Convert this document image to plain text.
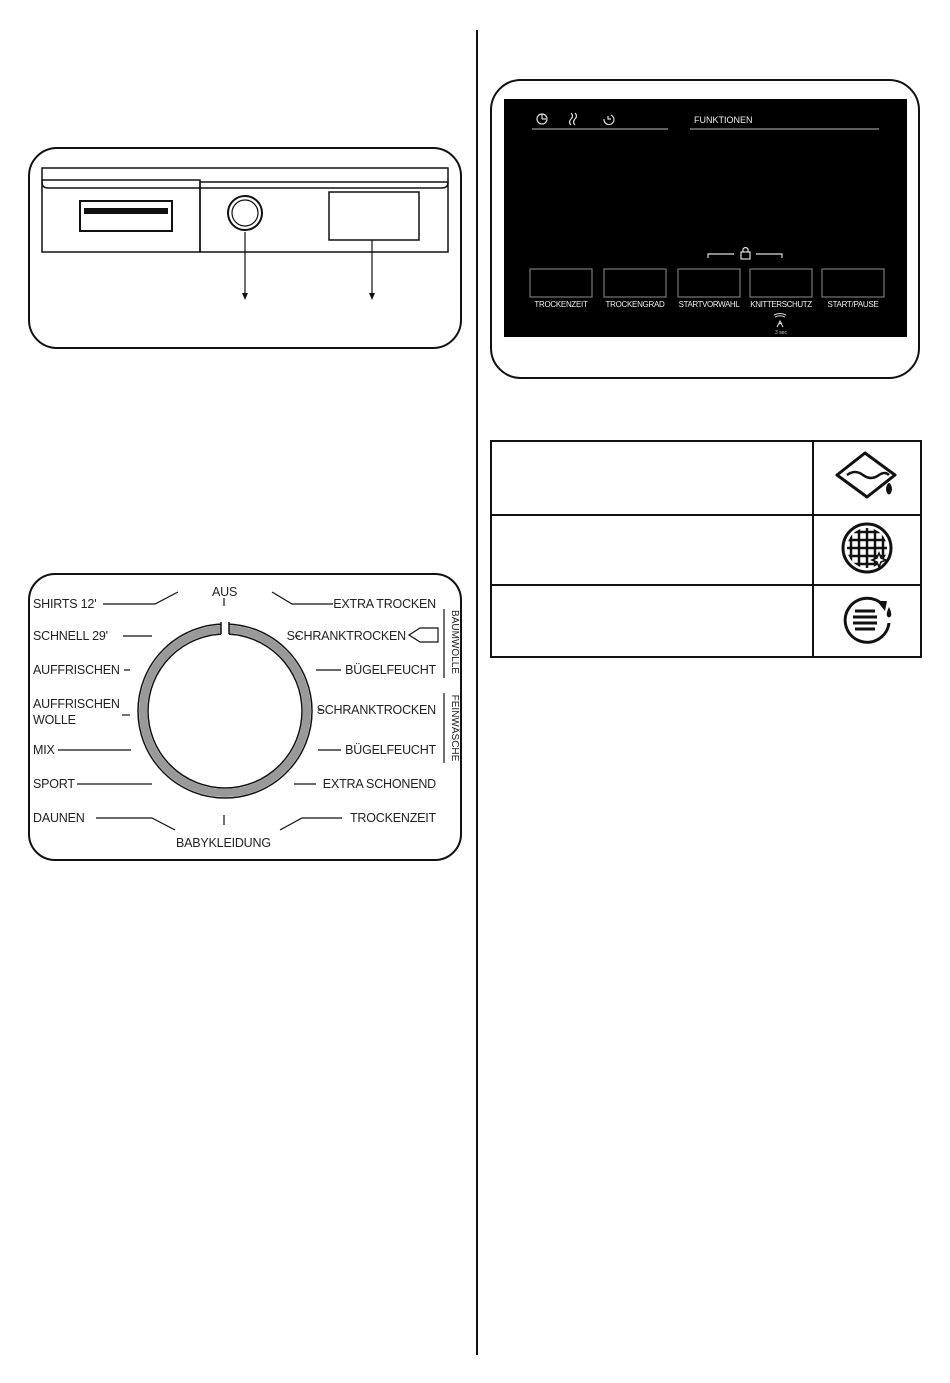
FUNKTIONEN
TROCKENZEIT	TROCKENGRAD	STARTVORWAHL	KNITTERSCHUTZ	START/PAUSE
3 sec
BAUMWOLLE
FEINWÄSCHE
AUS
BABYKLEIDUNG
SHIRTS 12'
SCHNELL 29'
AUFFRISCHEN
AUFFRISCHEN WOLLE
MIX
SPORT
DAUNEN
EXTRA TROCKEN
SCHRANKTROCKEN
BÜGELFEUCHT
SCHRANKTROCKEN
BÜGELFEUCHT
EXTRA SCHONEND
TROCKENZEIT
